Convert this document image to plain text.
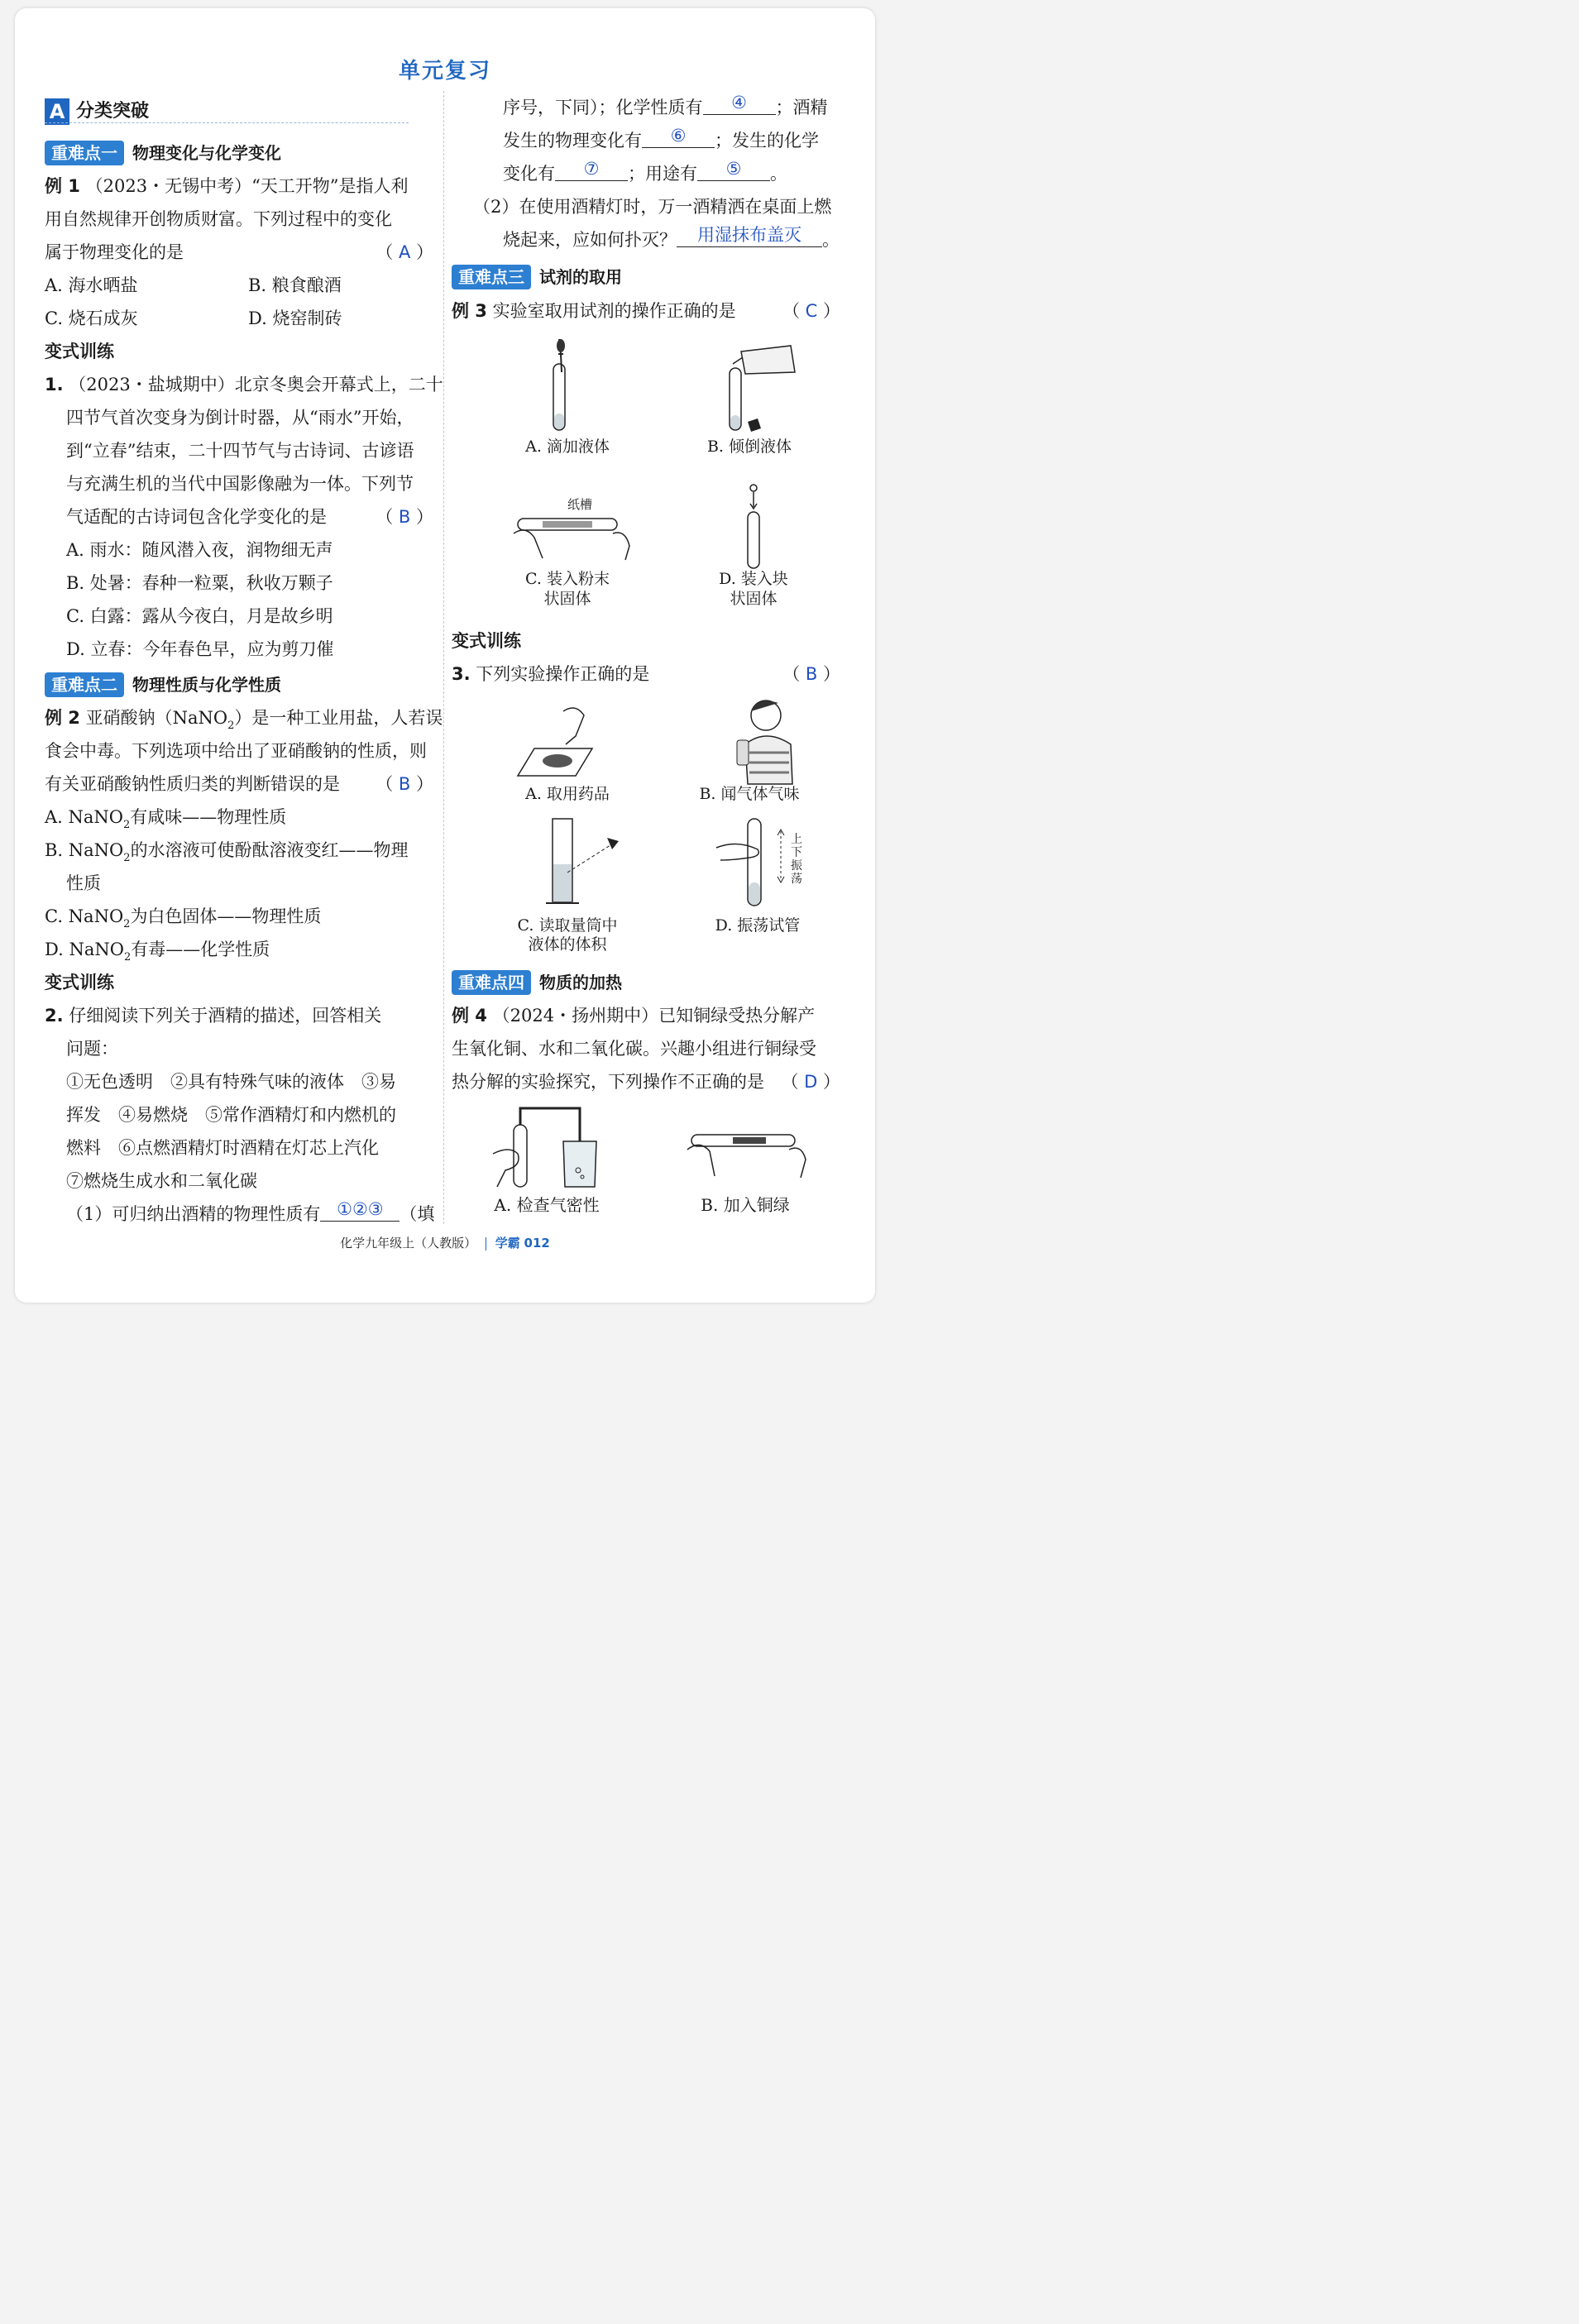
单元复习
A 分类突破
重难点一 物理变化与化学变化
例 1 （2023・无锡中考）“天工开物”是指人利
用自然规律开创物质财富。下列过程中的变化
属于物理变化的是	（ A ）
A. 海水晒盐	B. 粮食酿酒
C. 烧石成灰	D. 烧窑制砖
变式训练
1. （2023・盐城期中）北京冬奥会开幕式上，二十
四节气首次变身为倒计时器，从“雨水”开始，
到“立春”结束，二十四节气与古诗词、古谚语
与充满生机的当代中国影像融为一体。下列节
气适配的古诗词包含化学变化的是	（ B ）
A. 雨水：随风潜入夜，润物细无声
B. 处暑：春种一粒粟，秋收万颗子
C. 白露：露从今夜白，月是故乡明
D. 立春：今年春色早，应为剪刀催
重难点二 物理性质与化学性质
例 2 亚硝酸钠（NaNO$_2$）是一种工业用盐，人若误
食会中毒。下列选项中给出了亚硝酸钠的性质，则
有关亚硝酸钠性质归类的判断错误的是 （ B ）
A. NaNO$_2$有咸味——物理性质
B. NaNO$_2$的水溶液可使酚酞溶液变红——物理
性质
C. NaNO$_2$为白色固体——物理性质
D. NaNO$_2$有毒——化学性质
变式训练
2. 仔细阅读下列关于酒精的描述，回答相关
问题：
①无色透明　②具有特殊气味的液体　③易
挥发　④易燃烧　⑤常作酒精灯和内燃机的
燃料　⑥点燃酒精灯时酒精在灯芯上汽化
⑦燃烧生成水和二氧化碳
（1）可归纳出酒精的物理性质有 ①②③ （填
序号，下同）；化学性质有 ④ ；酒精
发生的物理变化有 ⑥ ；发生的化学
变化有 ⑦ ；用途有 ⑤ 。
（2）在使用酒精灯时，万一酒精洒在桌面上燃
烧起来，应如何扑灭？ 用湿抹布盖灭 。
重难点三 试剂的取用
例 3 实验室取用试剂的操作正确的是	（ C ）
A. 滴加液体	B. 倾倒液体
纸槽
C. 装入粉末
状固体
D. 装入块
状固体
变式训练
3. 下列实验操作正确的是	（ B ）
A. 取用药品	B. 闻气体气味
C. 读取量筒中
液体的体积
上
下
振
荡
D. 振荡试管
重难点四 物质的加热
例 4 （2024・扬州期中）已知铜绿受热分解产
生氧化铜、水和二氧化碳。兴趣小组进行铜绿受
热分解的实验探究，下列操作不正确的是 （ D ）
A. 检查气密性	B. 加入铜绿
化学九年级上（人教版） 学霸 012
